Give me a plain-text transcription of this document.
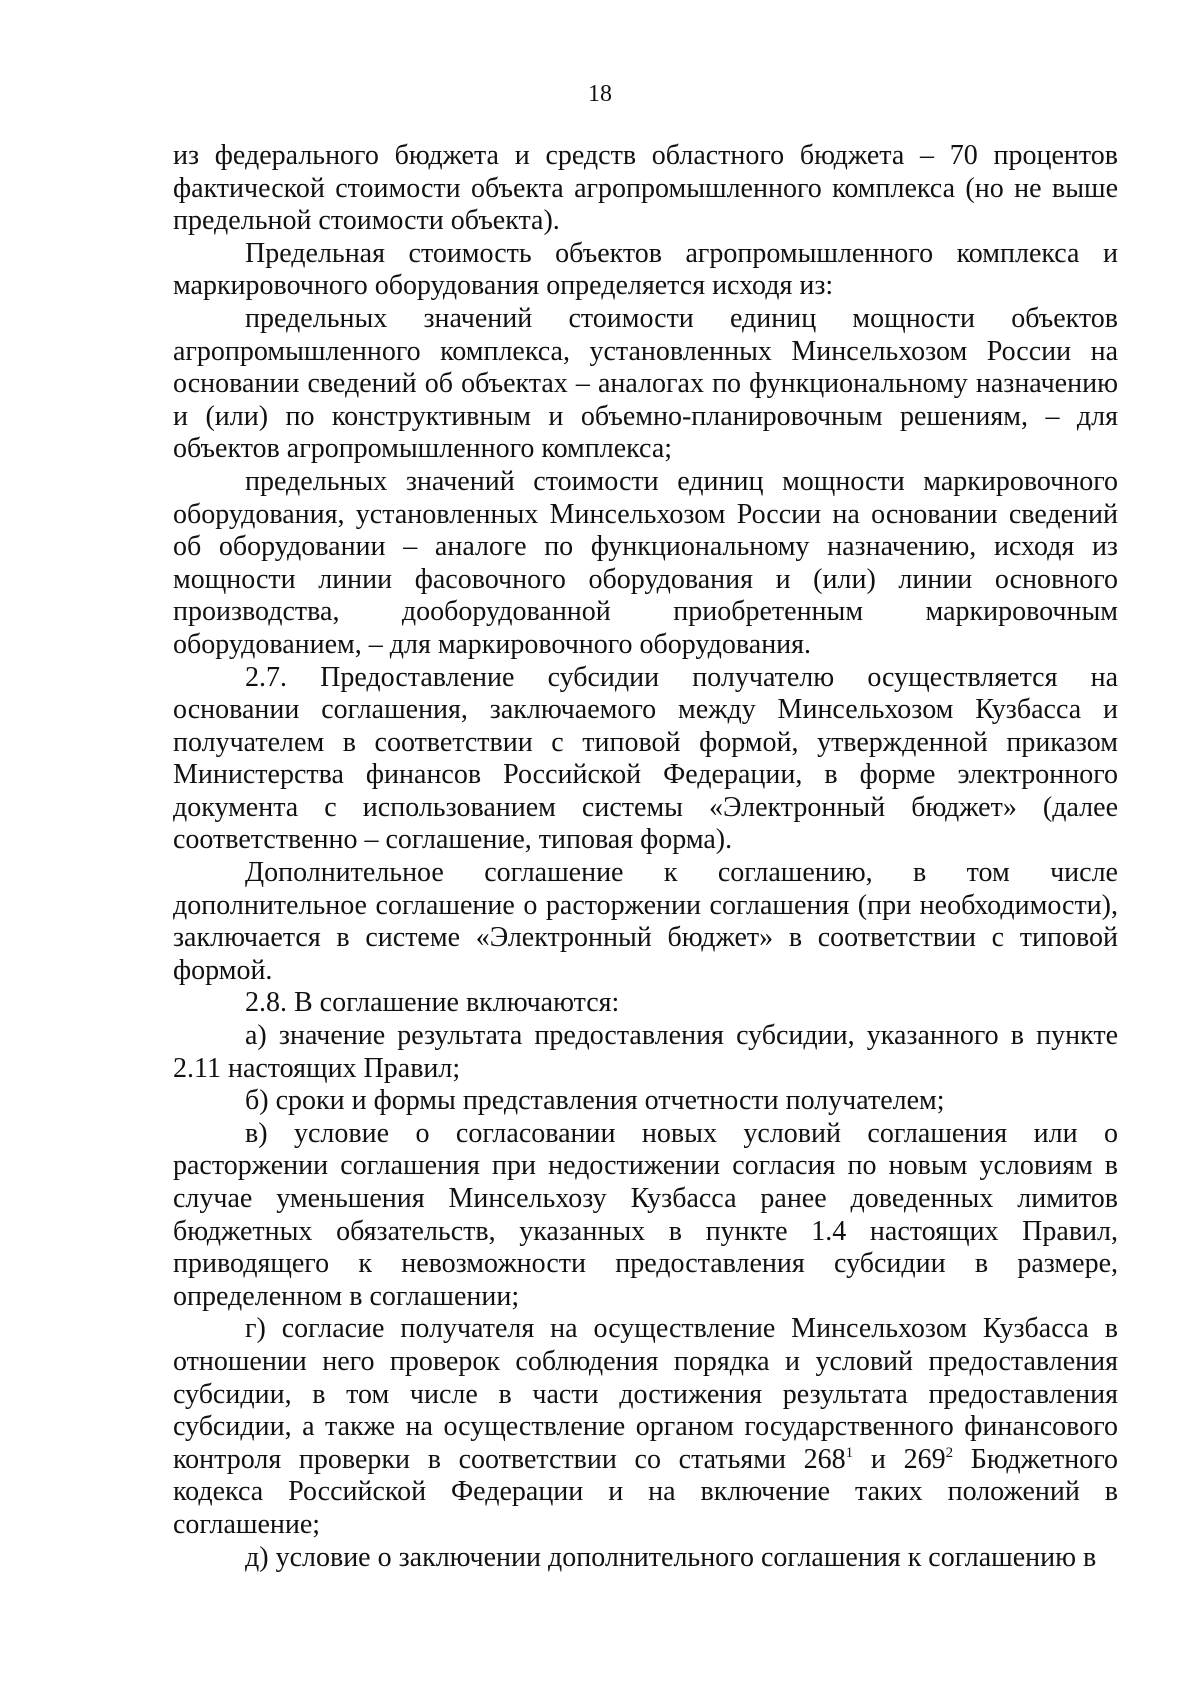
18

из федерального бюджета и средств областного бюджета – 70 процентов фактической стоимости объекта агропромышленного комплекса (но не выше предельной стоимости объекта).

Предельная стоимость объектов агропромышленного комплекса и маркировочного оборудования определяется исходя из:

предельных значений стоимости единиц мощности объектов агропромышленного комплекса, установленных Минсельхозом России на основании сведений об объектах – аналогах по функциональному назначению и (или) по конструктивным и объемно-планировочным решениям, – для объектов агропромышленного комплекса;

предельных значений стоимости единиц мощности маркировочного оборудования, установленных Минсельхозом России на основании сведений об оборудовании – аналоге по функциональному назначению, исходя из мощности линии фасовочного оборудования и (или) линии основного производства, дооборудованной приобретенным маркировочным оборудованием, – для маркировочного оборудования.

2.7. Предоставление субсидии получателю осуществляется на основании соглашения, заключаемого между Минсельхозом Кузбасса и получателем в соответствии с типовой формой, утвержденной приказом Министерства финансов Российской Федерации, в форме электронного документа с использованием системы «Электронный бюджет» (далее соответственно – соглашение, типовая форма).

Дополнительное соглашение к соглашению, в том числе дополнительное соглашение о расторжении соглашения (при необходимости), заключается в системе «Электронный бюджет» в соответствии с типовой формой.

2.8. В соглашение включаются:

а) значение результата предоставления субсидии, указанного в пункте 2.11 настоящих Правил;

б) сроки и формы представления отчетности получателем;

в) условие о согласовании новых условий соглашения или о расторжении соглашения при недостижении согласия по новым условиям в случае уменьшения Минсельхозу Кузбасса ранее доведенных лимитов бюджетных обязательств, указанных в пункте 1.4 настоящих Правил, приводящего к невозможности предоставления субсидии в размере, определенном в соглашении;

г) согласие получателя на осуществление Минсельхозом Кузбасса в отношении него проверок соблюдения порядка и условий предоставления субсидии, в том числе в части достижения результата предоставления субсидии, а также на осуществление органом государственного финансового контроля проверки в соответствии со статьями $268^1$ и $269^2$ Бюджетного кодекса Российской Федерации и на включение таких положений в соглашение;

д) условие о заключении дополнительного соглашения к соглашению в
